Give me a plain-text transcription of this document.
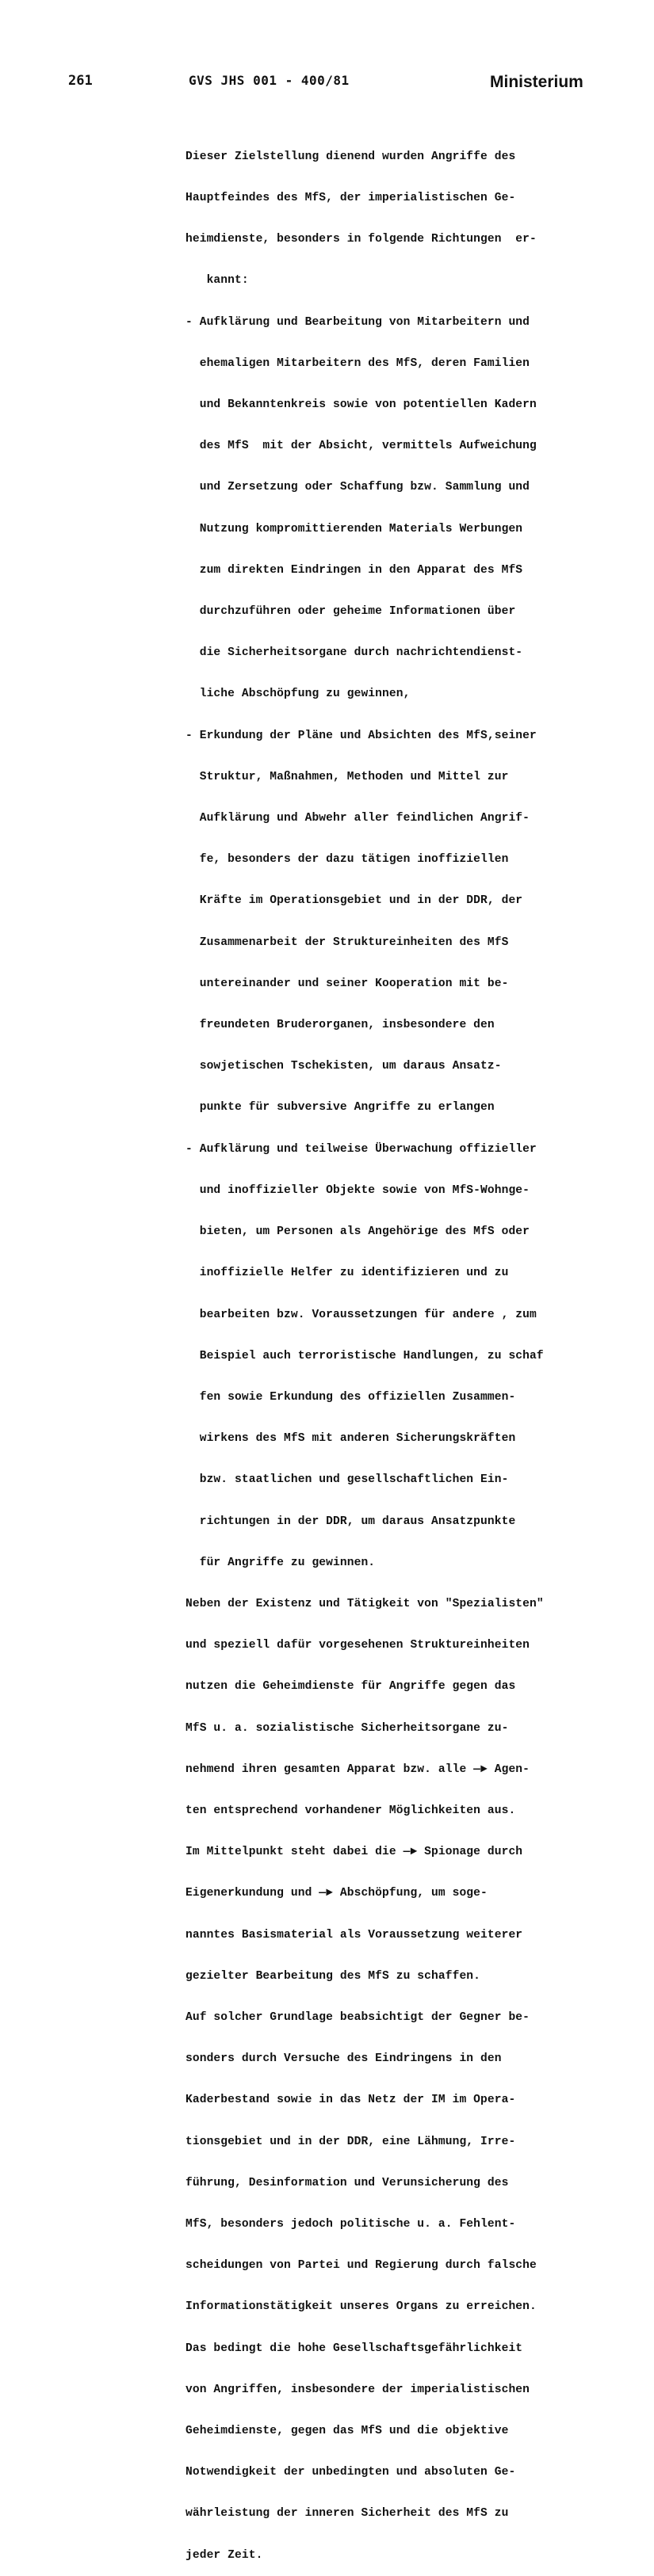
261	GVS JHS 001 - 400/81	Ministerium

Dieser Zielstellung dienend wurden Angriffe des

Hauptfeindes des MfS, der imperialistischen Ge-

heimdienste, besonders in folgende Richtungen  er-

kannt:

- Aufklärung und Bearbeitung von Mitarbeitern und

ehemaligen Mitarbeitern des MfS, deren Familien

und Bekanntenkreis sowie von potentiellen Kadern

des MfS  mit der Absicht, vermittels Aufweichung

und Zersetzung oder Schaffung bzw. Sammlung und

Nutzung kompromittierenden Materials Werbungen

zum direkten Eindringen in den Apparat des MfS

durchzuführen oder geheime Informationen über

die Sicherheitsorgane durch nachrichtendienst-

liche Abschöpfung zu gewinnen,

- Erkundung der Pläne und Absichten des MfS,seiner

Struktur, Maßnahmen, Methoden und Mittel zur

Aufklärung und Abwehr aller feindlichen Angrif-

fe, besonders der dazu tätigen inoffiziellen

Kräfte im Operationsgebiet und in der DDR, der

Zusammenarbeit der Struktureinheiten des MfS

untereinander und seiner Kooperation mit be-

freundeten Bruderorganen, insbesondere den

sowjetischen Tschekisten, um daraus Ansatz-

punkte für subversive Angriffe zu erlangen

- Aufklärung und teilweise Überwachung offizieller

und inoffizieller Objekte sowie von MfS-Wohnge-

bieten, um Personen als Angehörige des MfS oder

inoffizielle Helfer zu identifizieren und zu

bearbeiten bzw. Voraussetzungen für andere , zum

Beispiel auch terroristische Handlungen, zu schaf

fen sowie Erkundung des offiziellen Zusammen-

wirkens des MfS mit anderen Sicherungskräften

bzw. staatlichen und gesellschaftlichen Ein-

richtungen in der DDR, um daraus Ansatzpunkte

für Angriffe zu gewinnen.

Neben der Existenz und Tätigkeit von "Spezialisten"

und speziell dafür vorgesehenen Struktureinheiten

nutzen die Geheimdienste für Angriffe gegen das

MfS u. a. sozialistische Sicherheitsorgane zu-

nehmend ihren gesamten Apparat bzw. alle —► Agen-

ten entsprechend vorhandener Möglichkeiten aus.

Im Mittelpunkt steht dabei die —► Spionage durch

Eigenerkundung und —► Abschöpfung, um soge-

nanntes Basismaterial als Voraussetzung weiterer

gezielter Bearbeitung des MfS zu schaffen.

Auf solcher Grundlage beabsichtigt der Gegner be-

sonders durch Versuche des Eindringens in den

Kaderbestand sowie in das Netz der IM im Opera-

tionsgebiet und in der DDR, eine Lähmung, Irre-

führung, Desinformation und Verunsicherung des

MfS, besonders jedoch politische u. a. Fehlent-

scheidungen von Partei und Regierung durch falsche

Informationstätigkeit unseres Organs zu erreichen.

Das bedingt die hohe Gesellschaftsgefährlichkeit

von Angriffen, insbesondere der imperialistischen

Geheimdienste, gegen das MfS und die objektive

Notwendigkeit der unbedingten und absoluten Ge-

währleistung der inneren Sicherheit des MfS zu

jeder Zeit.
